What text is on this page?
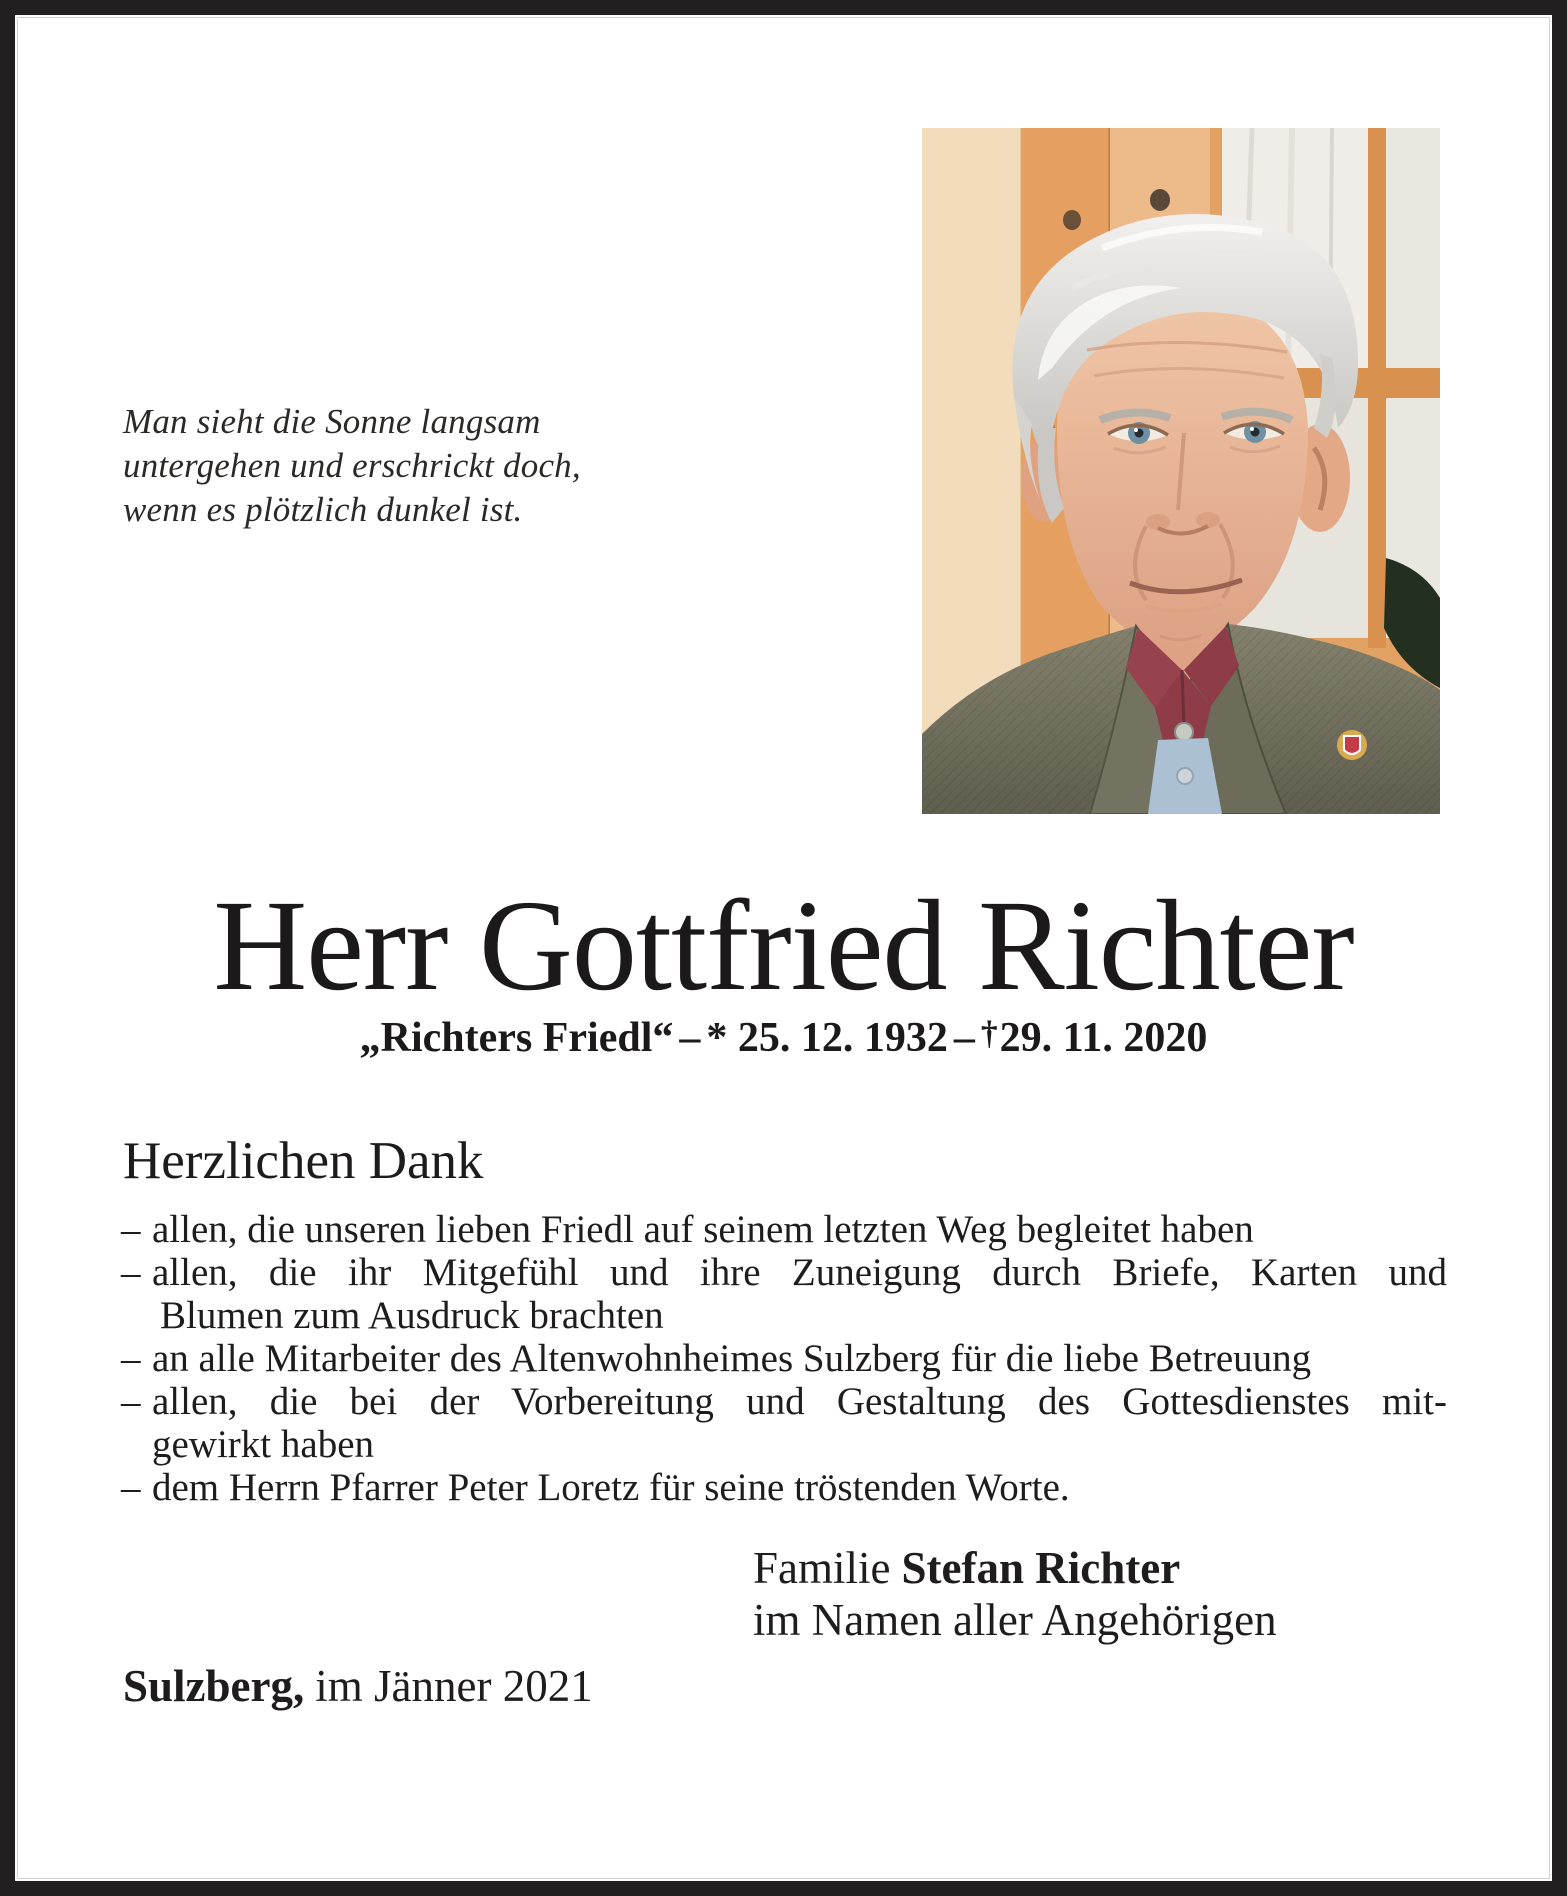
Man sieht die Sonne langsam
untergehen und erschrickt doch,
wenn es plötzlich dunkel ist.
Herr Gottfried Richter
„Richters Friedl“ – * 25. 12. 1932 – †29. 11. 2020
Herzlichen Dank
– allen, die unseren lieben Friedl auf seinem letzten Weg begleitet haben
– allen, die ihr Mitgefühl und ihre Zuneigung durch Briefe, Karten und
Blumen zum Ausdruck brachten
– an alle Mitarbeiter des Altenwohnheimes Sulzberg für die liebe Betreuung
– allen, die bei der Vorbereitung und Gestaltung des Gottesdienstes mit-
gewirkt haben
– dem Herrn Pfarrer Peter Loretz für seine tröstenden Worte.
Familie Stefan Richter
im Namen aller Angehörigen
Sulzberg, im Jänner 2021
